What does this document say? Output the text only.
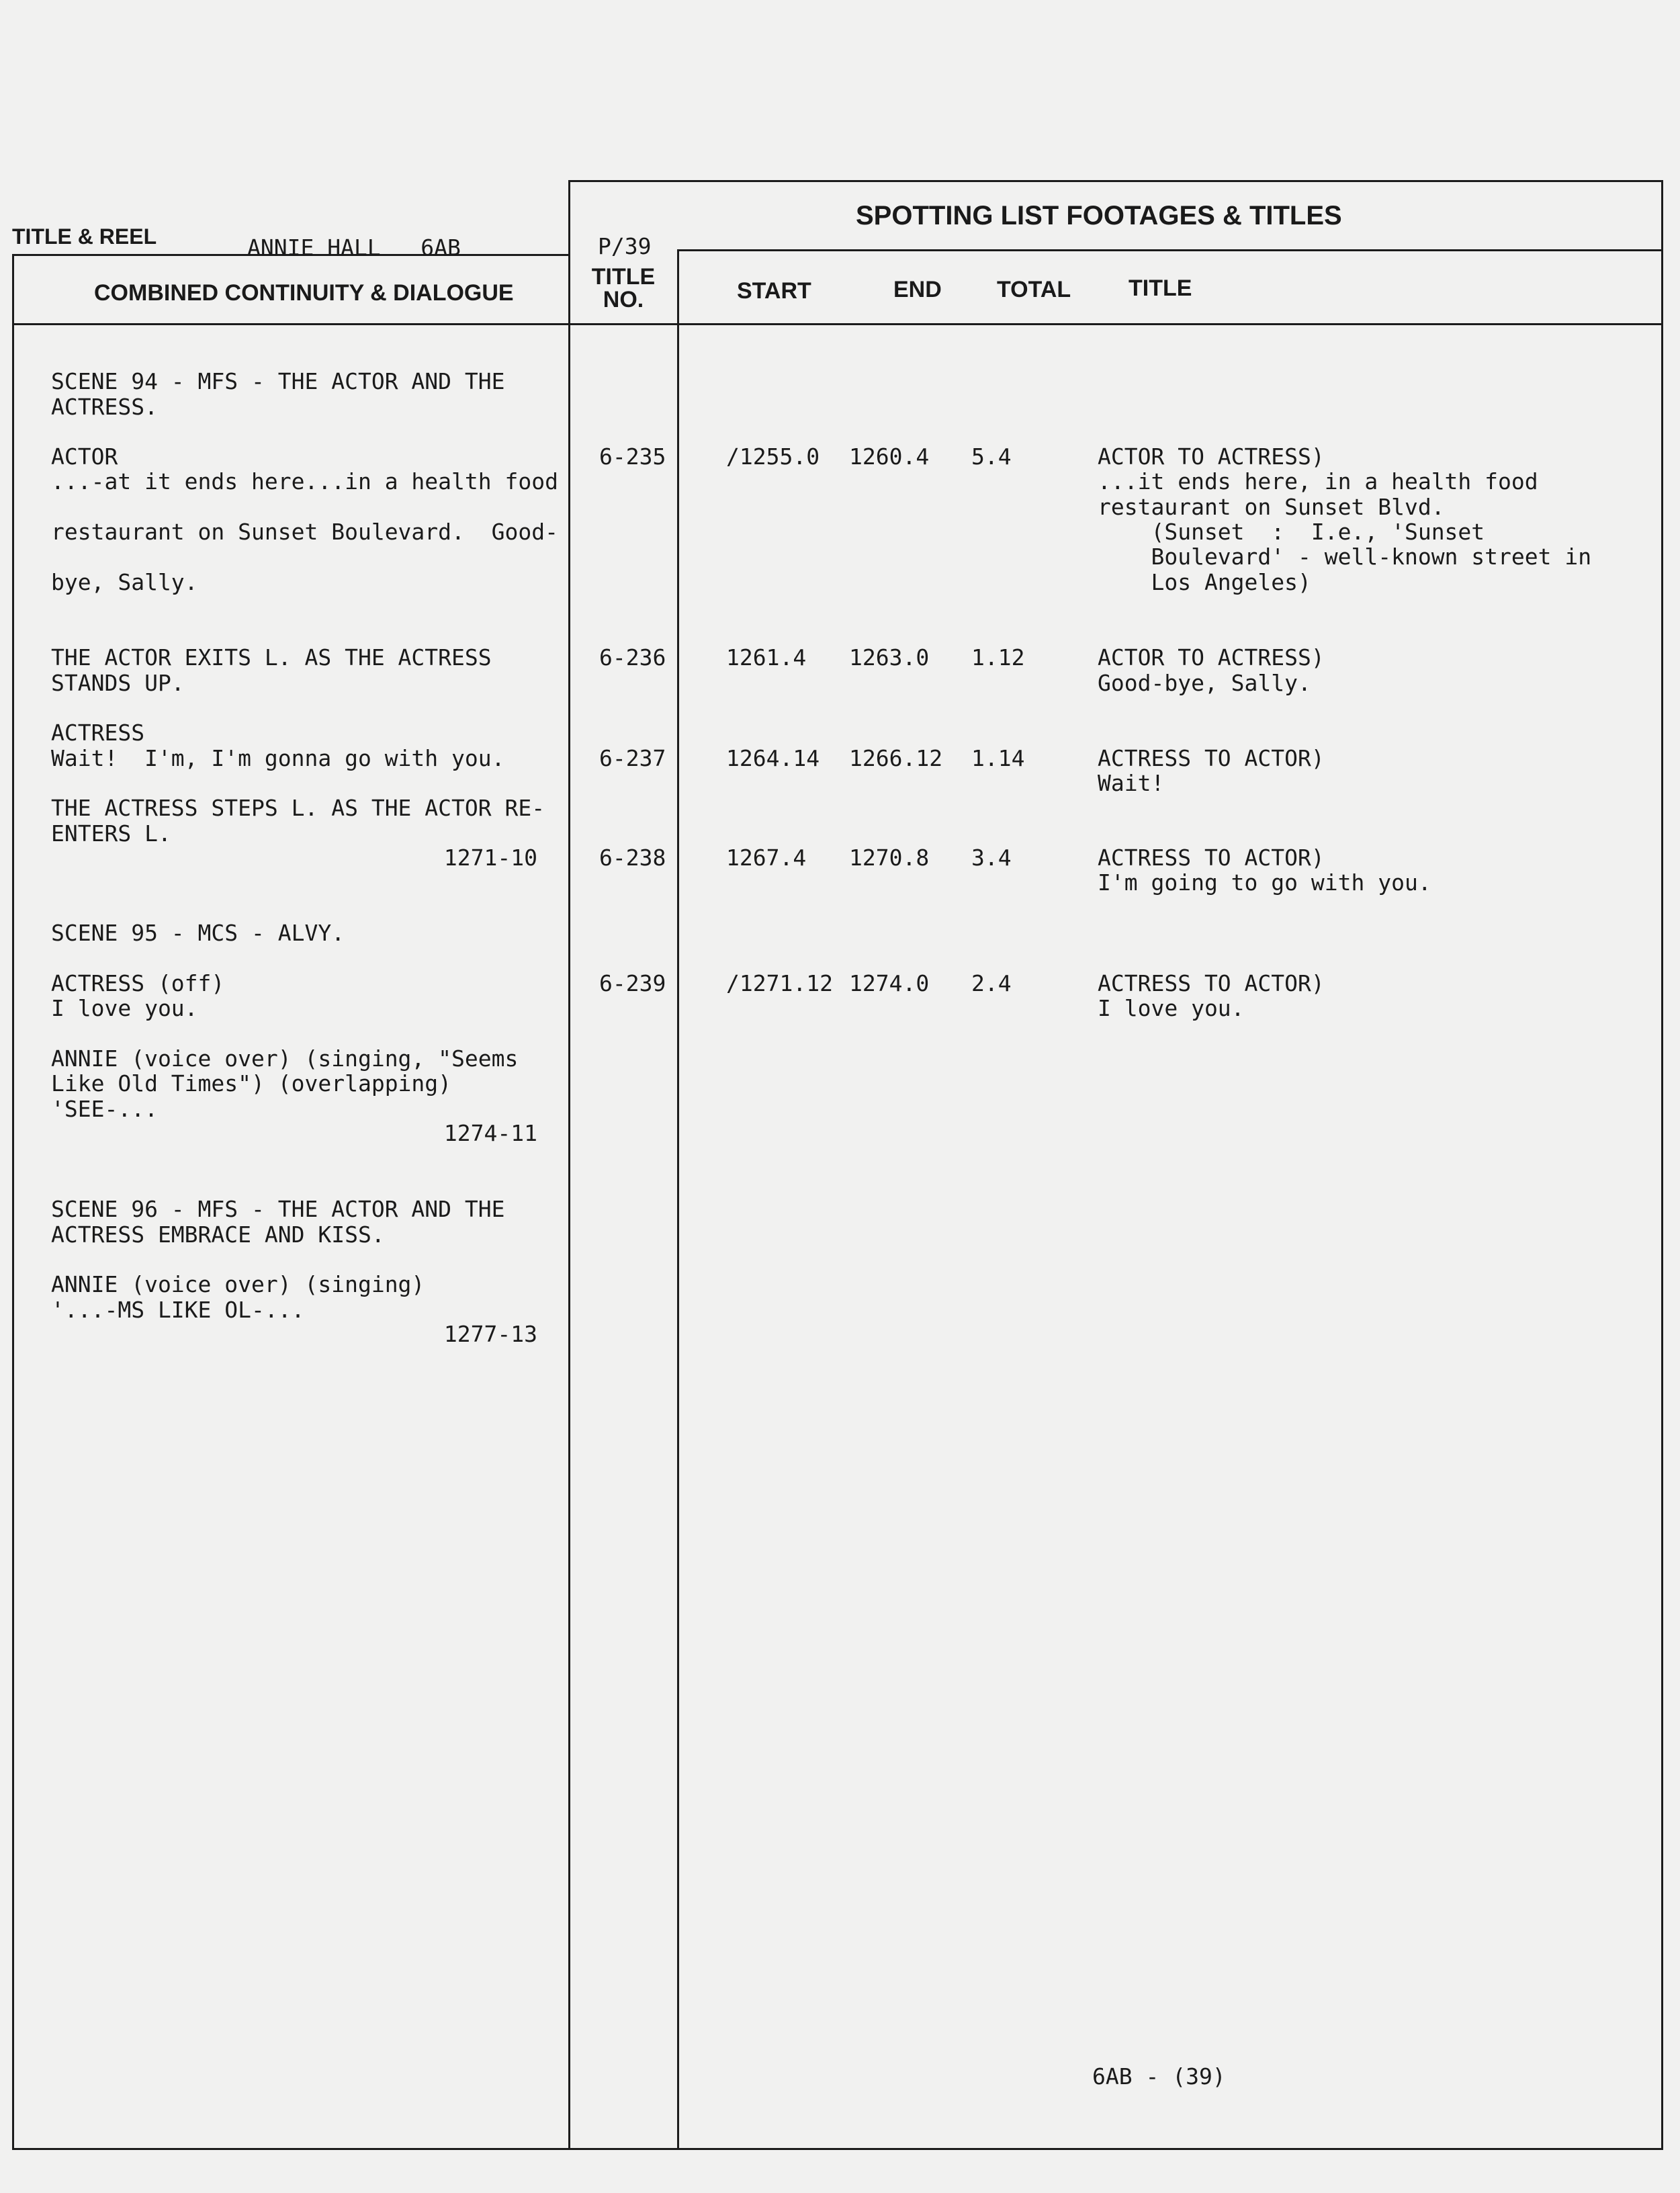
TITLE & REEL	ANNIE HALL   6AB	P/39
SPOTTING LIST FOOTAGES & TITLES
COMBINED CONTINUITY & DIALOGUE
TITLE
NO.	START	END TOTAL	TITLE
SCENE 94 - MFS - THE ACTOR AND THE
ACTRESS.
ACTOR
...-at it ends here...in a health food
restaurant on Sunset Boulevard.  Good-
bye, Sally.
THE ACTOR EXITS L. AS THE ACTRESS
STANDS UP.
ACTRESS
Wait!  I'm, I'm gonna go with you.
THE ACTRESS STEPS L. AS THE ACTOR RE-
ENTERS L.
1271-10
SCENE 95 - MCS - ALVY.
ACTRESS (off)
I love you.
ANNIE (voice over) (singing, "Seems
Like Old Times") (overlapping)
'SEE-...
1274-11
SCENE 96 - MFS - THE ACTOR AND THE
ACTRESS EMBRACE AND KISS.
ANNIE (voice over) (singing)
'...-MS LIKE OL-...
1277-13
6-235	/1255.0 1260.4 5.4	ACTOR TO ACTRESS)
...it ends here, in a health food
restaurant on Sunset Blvd.
(Sunset  :  I.e., 'Sunset
Boulevard' - well-known street in
Los Angeles)
6-236	1261.4 1263.0 1.12	ACTOR TO ACTRESS)
Good-bye, Sally.
6-237	1264.14 1266.12 1.14	ACTRESS TO ACTOR)
Wait!
6-238	1267.4 1270.8 3.4	ACTRESS TO ACTOR)
I'm going to go with you.
6-239	/1271.12 1274.0 2.4	ACTRESS TO ACTOR)
I love you.
6AB - (39)
